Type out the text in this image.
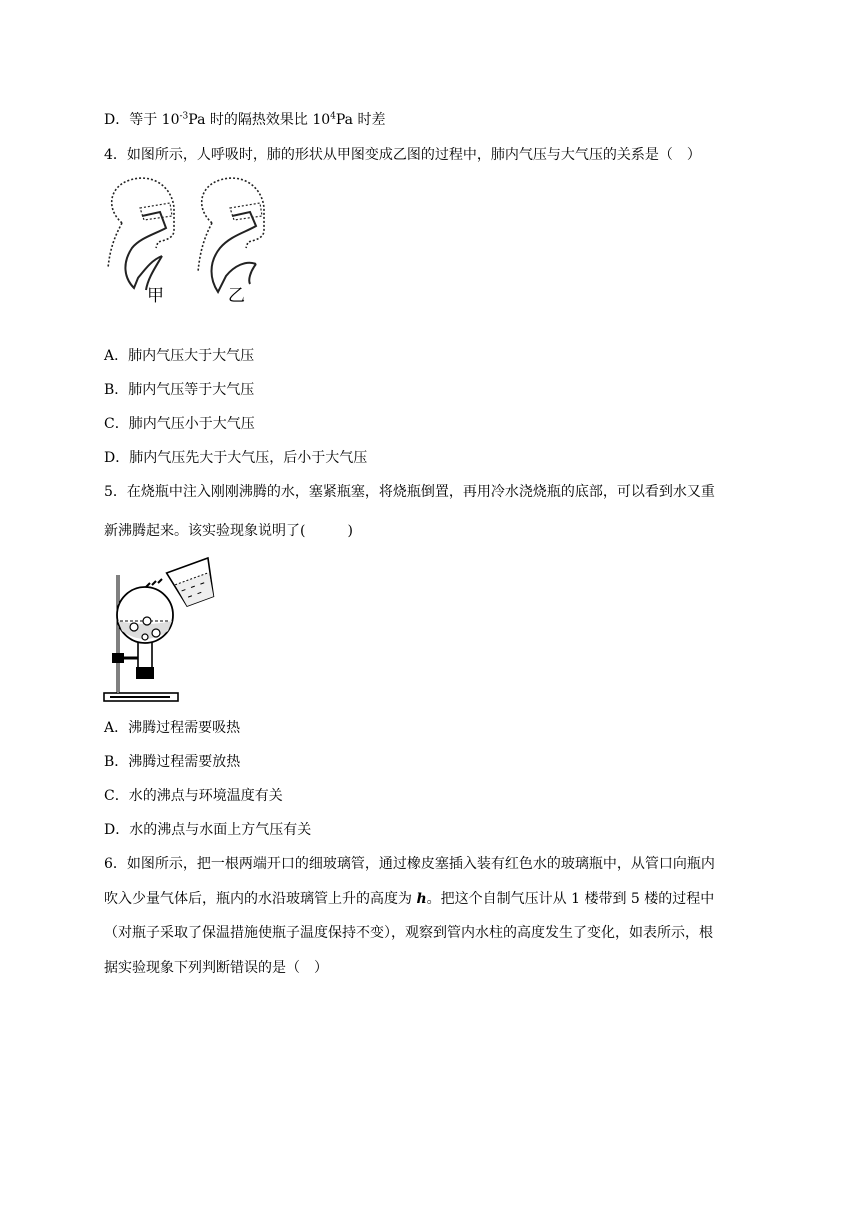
D．等于 $10^{-3}Pa$ 时的隔热效果比 $10^4Pa$ 时差
4．如图所示，人呼吸时，肺的形状从甲图变成乙图的过程中，肺内气压与大气压的关系是（　）
甲	乙
A．肺内气压大于大气压
B．肺内气压等于大气压
C．肺内气压小于大气压
D．肺内气压先大于大气压，后小于大气压
5．在烧瓶中注入刚刚沸腾的水，塞紧瓶塞，将烧瓶倒置，再用冷水浇烧瓶的底部，可以看到水又重
新沸腾起来。该实验现象说明了(　　　)
A．沸腾过程需要吸热
B．沸腾过程需要放热
C．水的沸点与环境温度有关
D．水的沸点与水面上方气压有关
6．如图所示，把一根两端开口的细玻璃管，通过橡皮塞插入装有红色水的玻璃瓶中，从管口向瓶内
吹入少量气体后，瓶内的水沿玻璃管上升的高度为 h。把这个自制气压计从 1 楼带到 5 楼的过程中
（对瓶子采取了保温措施使瓶子温度保持不变），观察到管内水柱的高度发生了变化，如表所示，根
据实验现象下列判断错误的是（　）
